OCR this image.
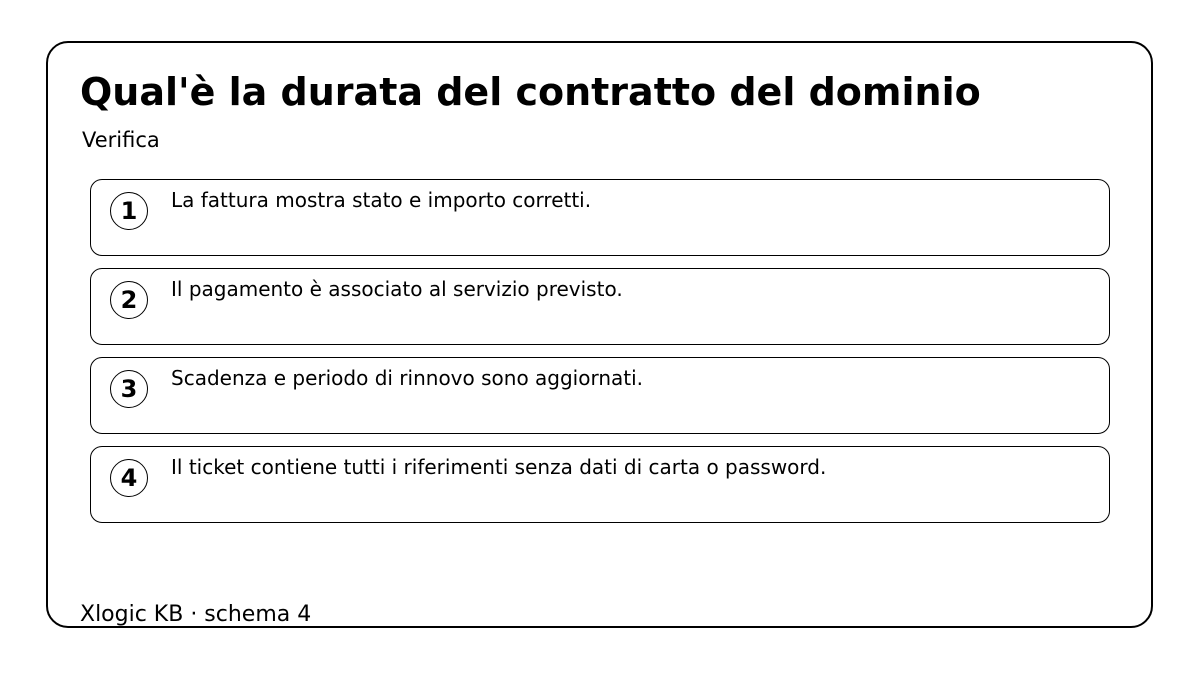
Qual'è la durata del contratto del dominio
Verifica
1	La fattura mostra stato e importo corretti.
2	Il pagamento è associato al servizio previsto.
3	Scadenza e periodo di rinnovo sono aggiornati.
4	Il ticket contiene tutti i riferimenti senza dati di carta o password.
Xlogic KB · schema 4
